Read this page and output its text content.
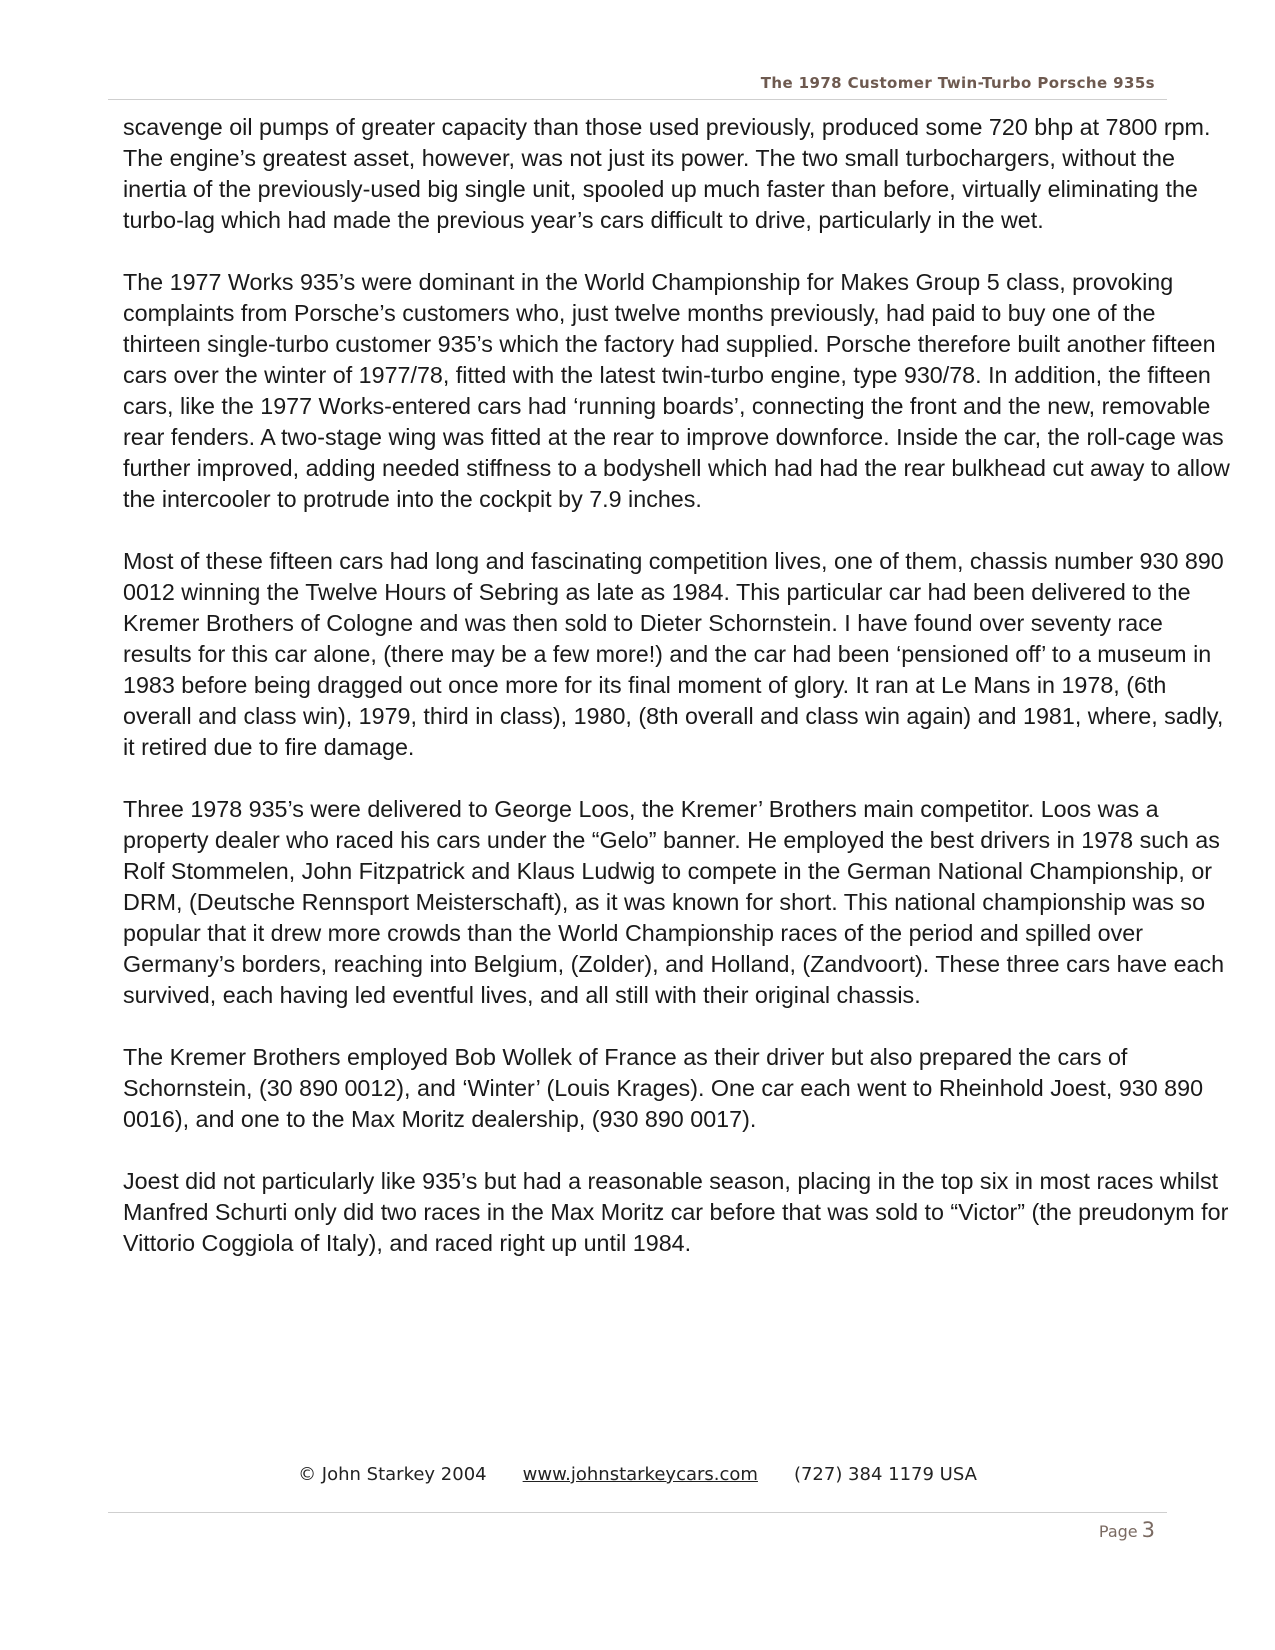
The 1978 Customer Twin-Turbo Porsche 935s

scavenge oil pumps of greater capacity than those used previously, produced some 720 bhp at 7800 rpm. The engine’s greatest asset, however, was not just its power. The two small turbochargers, without the inertia of the previously-used big single unit, spooled up much faster than before, virtually eliminating the turbo-lag which had made the previous year’s cars difficult to drive, particularly in the wet.

The 1977 Works 935’s were dominant in the World Championship for Makes Group 5 class, provoking complaints from Porsche’s customers who, just twelve months previously, had paid to buy one of the thirteen single-turbo customer 935’s which the factory had supplied. Porsche therefore built another fifteen cars over the winter of 1977/78, fitted with the latest twin-turbo engine, type 930/78. In addition, the fifteen cars, like the 1977 Works-entered cars had ‘running boards’, connecting the front and the new, removable rear fenders. A two-stage wing was fitted at the rear to improve downforce. Inside the car, the roll-cage was further improved, adding needed stiffness to a bodyshell which had had the rear bulkhead cut away to allow the intercooler to protrude into the cockpit by 7.9 inches.

Most of these fifteen cars had long and fascinating competition lives, one of them, chassis number 930 890 0012 winning the Twelve Hours of Sebring as late as 1984. This particular car had been delivered to the Kremer Brothers of Cologne and was then sold to Dieter Schornstein. I have found over seventy race results for this car alone, (there may be a few more!) and the car had been ‘pensioned off’ to a museum in 1983 before being dragged out once more for its final moment of glory. It ran at Le Mans in 1978, (6th overall and class win), 1979, third in class), 1980, (8th overall and class win again) and 1981, where, sadly, it retired due to fire damage.

Three 1978 935’s were delivered to George Loos, the Kremer’ Brothers main competitor. Loos was a property dealer who raced his cars under the “Gelo” banner. He employed the best drivers in 1978 such as Rolf Stommelen, John Fitzpatrick and Klaus Ludwig to compete in the German National Championship, or DRM, (Deutsche Rennsport Meisterschaft), as it was known for short. This national championship was so popular that it drew more crowds than the World Championship races of the period and spilled over Germany’s borders, reaching into Belgium, (Zolder), and Holland, (Zandvoort). These three cars have each survived, each having led eventful lives, and all still with their original chassis.

The Kremer Brothers employed Bob Wollek of France as their driver but also prepared the cars of Schornstein, (30 890 0012), and ‘Winter’ (Louis Krages). One car each went to Rheinhold Joest, 930 890 0016), and one to the Max Moritz dealership, (930 890 0017).

Joest did not particularly like 935’s but had a reasonable season, placing in the top six in most races whilst Manfred Schurti only did two races in the Max Moritz car before that was sold to “Victor” (the preudonym for Vittorio Coggiola of Italy), and raced right up until 1984.

© John Starkey 2004 www.johnstarkeycars.com (727) 384 1179 USA
Page 3
